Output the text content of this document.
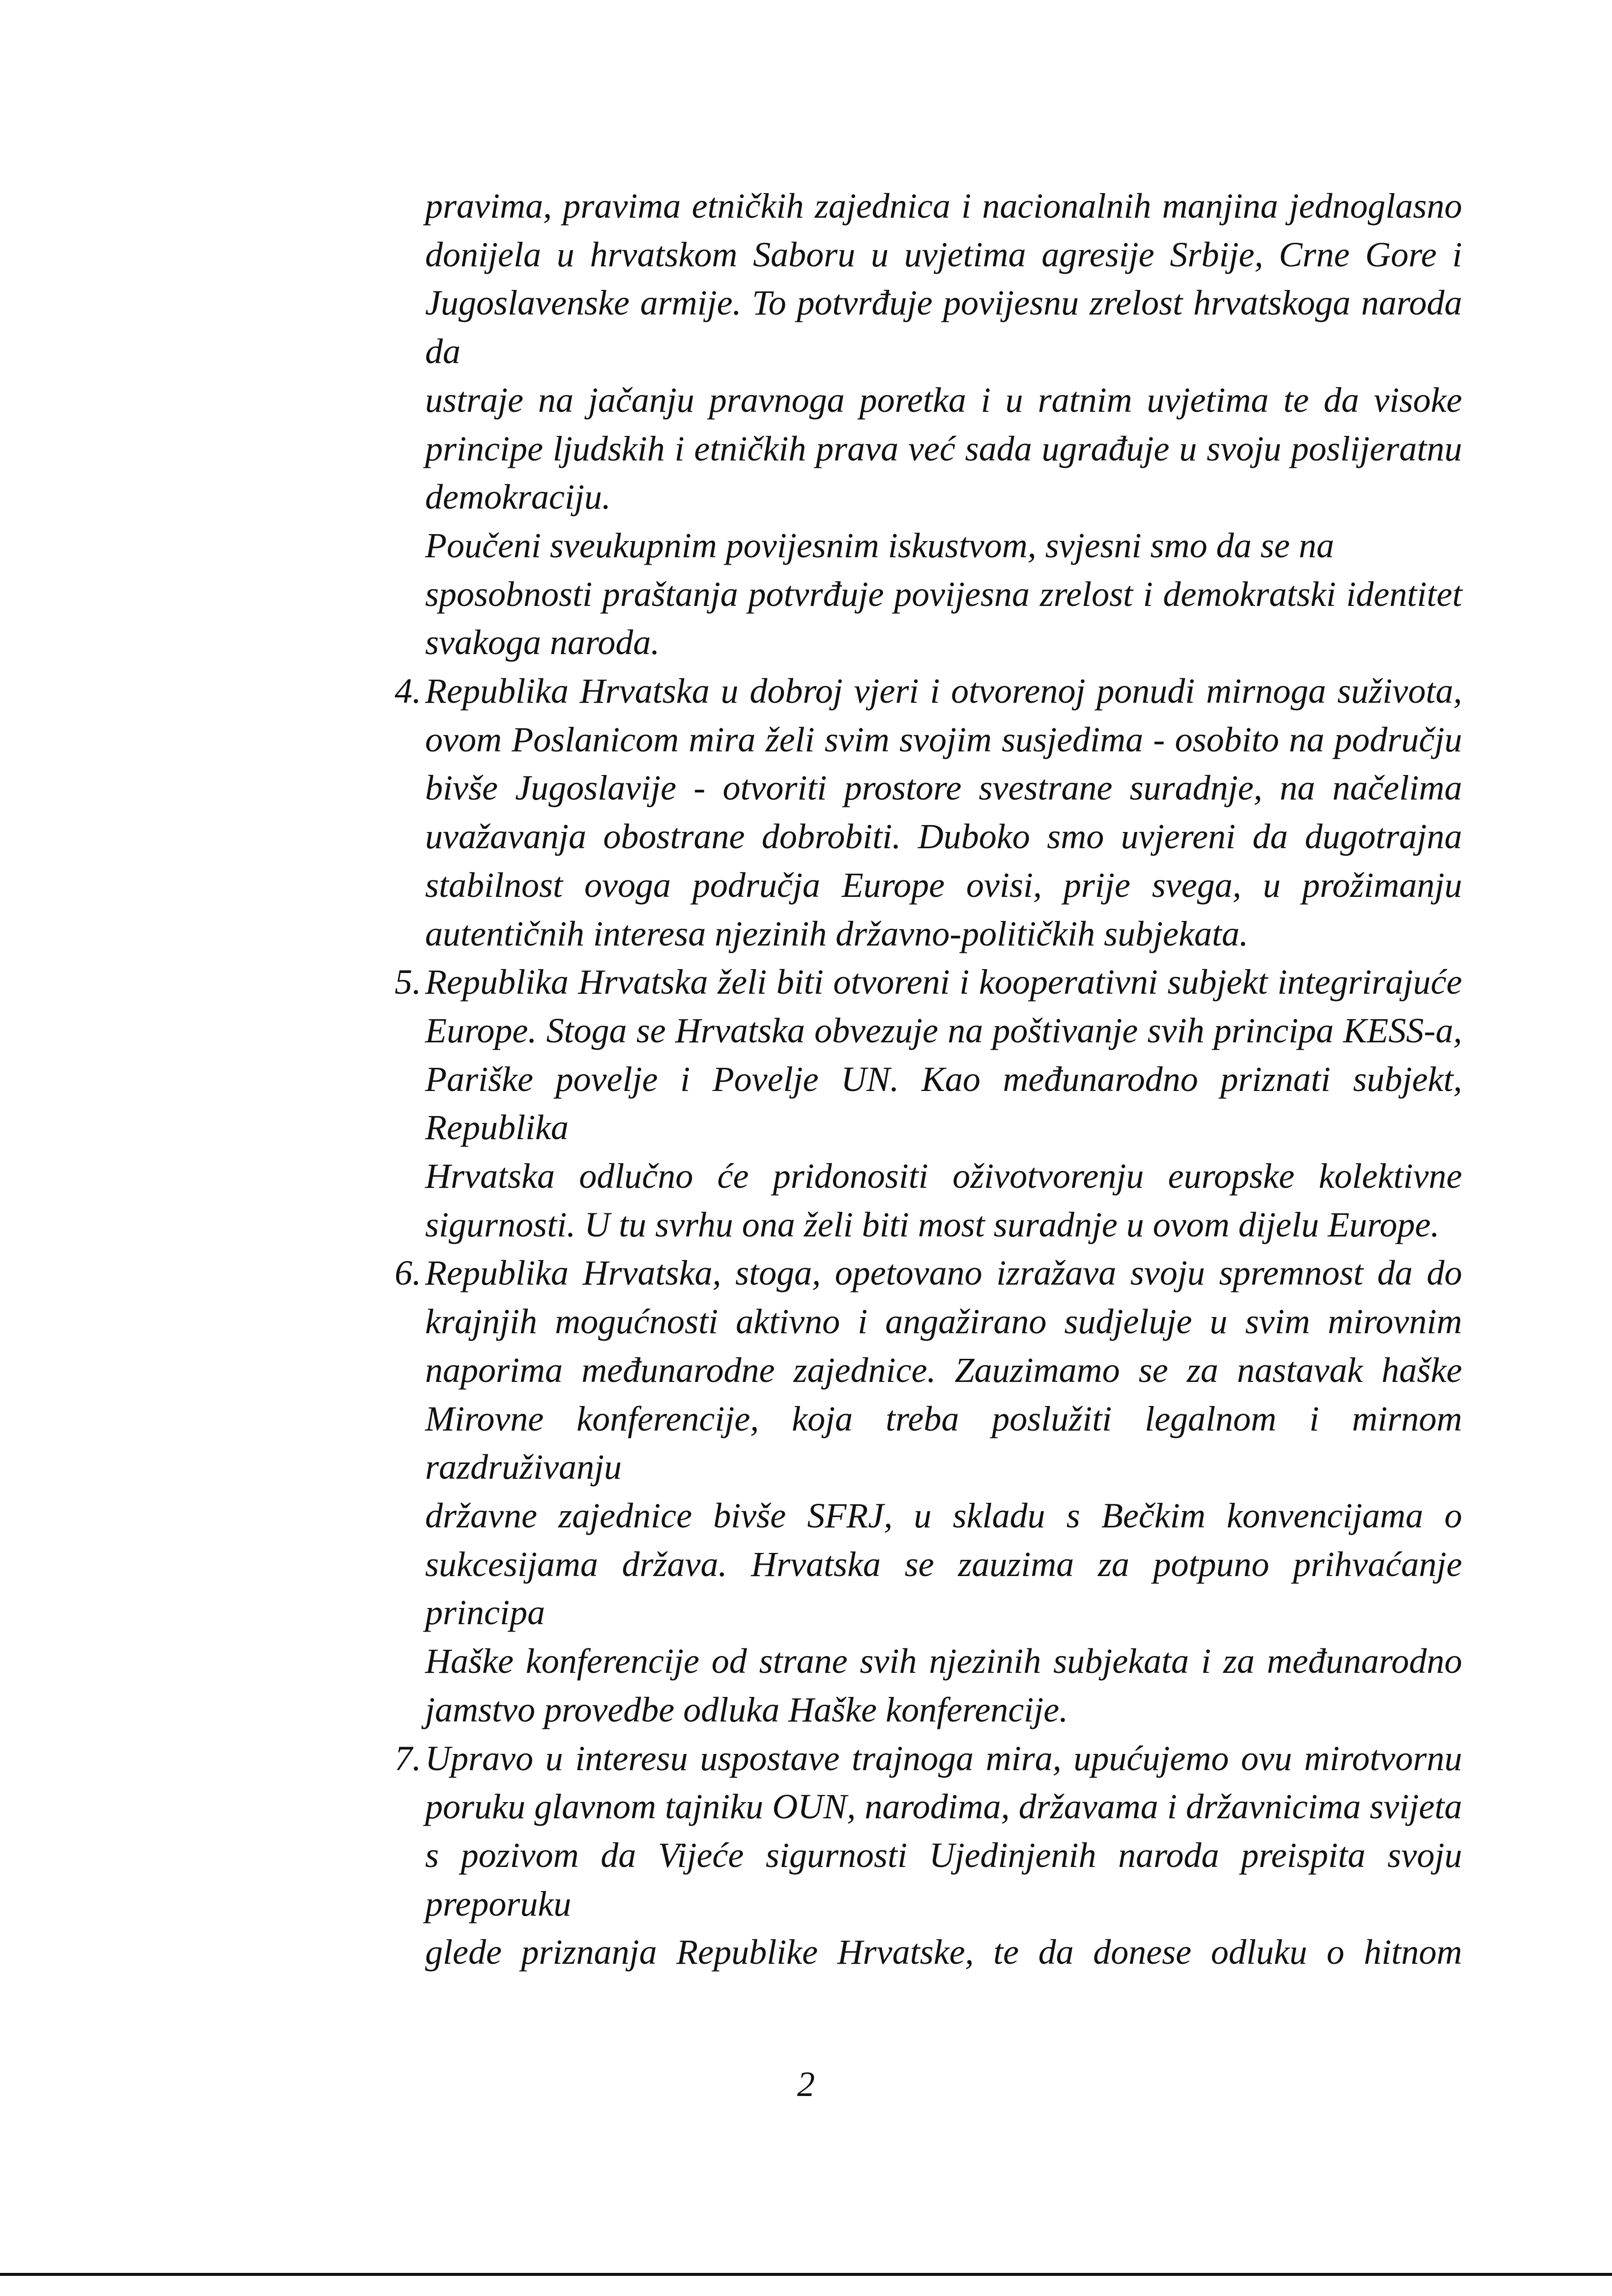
pravima, pravima etničkih zajednica i nacionalnih manjina jednoglasno
donijela u hrvatskom Saboru u uvjetima agresije Srbije, Crne Gore i
Jugoslavenske armije. To potvrđuje povijesnu zrelost hrvatskoga naroda da
ustraje na jačanju pravnoga poretka i u ratnim uvjetima te da visoke
principe ljudskih i etničkih prava već sada ugrađuje u svoju poslijeratnu
demokraciju.
Poučeni sveukupnim povijesnim iskustvom, svjesni smo da se na
sposobnosti praštanja potvrđuje povijesna zrelost i demokratski identitet
svakoga naroda.
4. Republika Hrvatska u dobroj vjeri i otvorenoj ponudi mirnoga suživota,
ovom Poslanicom mira želi svim svojim susjedima - osobito na području
bivše Jugoslavije - otvoriti prostore svestrane suradnje, na načelima
uvažavanja obostrane dobrobiti. Duboko smo uvjereni da dugotrajna
stabilnost ovoga područja Europe ovisi, prije svega, u prožimanju
autentičnih interesa njezinih državno-političkih subjekata.
5. Republika Hrvatska želi biti otvoreni i kooperativni subjekt integrirajuće
Europe. Stoga se Hrvatska obvezuje na poštivanje svih principa KESS-a,
Pariške povelje i Povelje UN. Kao međunarodno priznati subjekt, Republika
Hrvatska odlučno će pridonositi oživotvorenju europske kolektivne
sigurnosti. U tu svrhu ona želi biti most suradnje u ovom dijelu Europe.
6. Republika Hrvatska, stoga, opetovano izražava svoju spremnost da do
krajnjih mogućnosti aktivno i angažirano sudjeluje u svim mirovnim
naporima međunarodne zajednice. Zauzimamo se za nastavak haške
Mirovne konferencije, koja treba poslužiti legalnom i mirnom razdruživanju
državne zajednice bivše SFRJ, u skladu s Bečkim konvencijama o
sukcesijama država. Hrvatska se zauzima za potpuno prihvaćanje principa
Haške konferencije od strane svih njezinih subjekata i za međunarodno
jamstvo provedbe odluka Haške konferencije.
7. Upravo u interesu uspostave trajnoga mira, upućujemo ovu mirotvornu
poruku glavnom tajniku OUN, narodima, državama i državnicima svijeta
s pozivom da Vijeće sigurnosti Ujedinjenih naroda preispita svoju preporuku
glede priznanja Republike Hrvatske, te da donese odluku o hitnom
2
